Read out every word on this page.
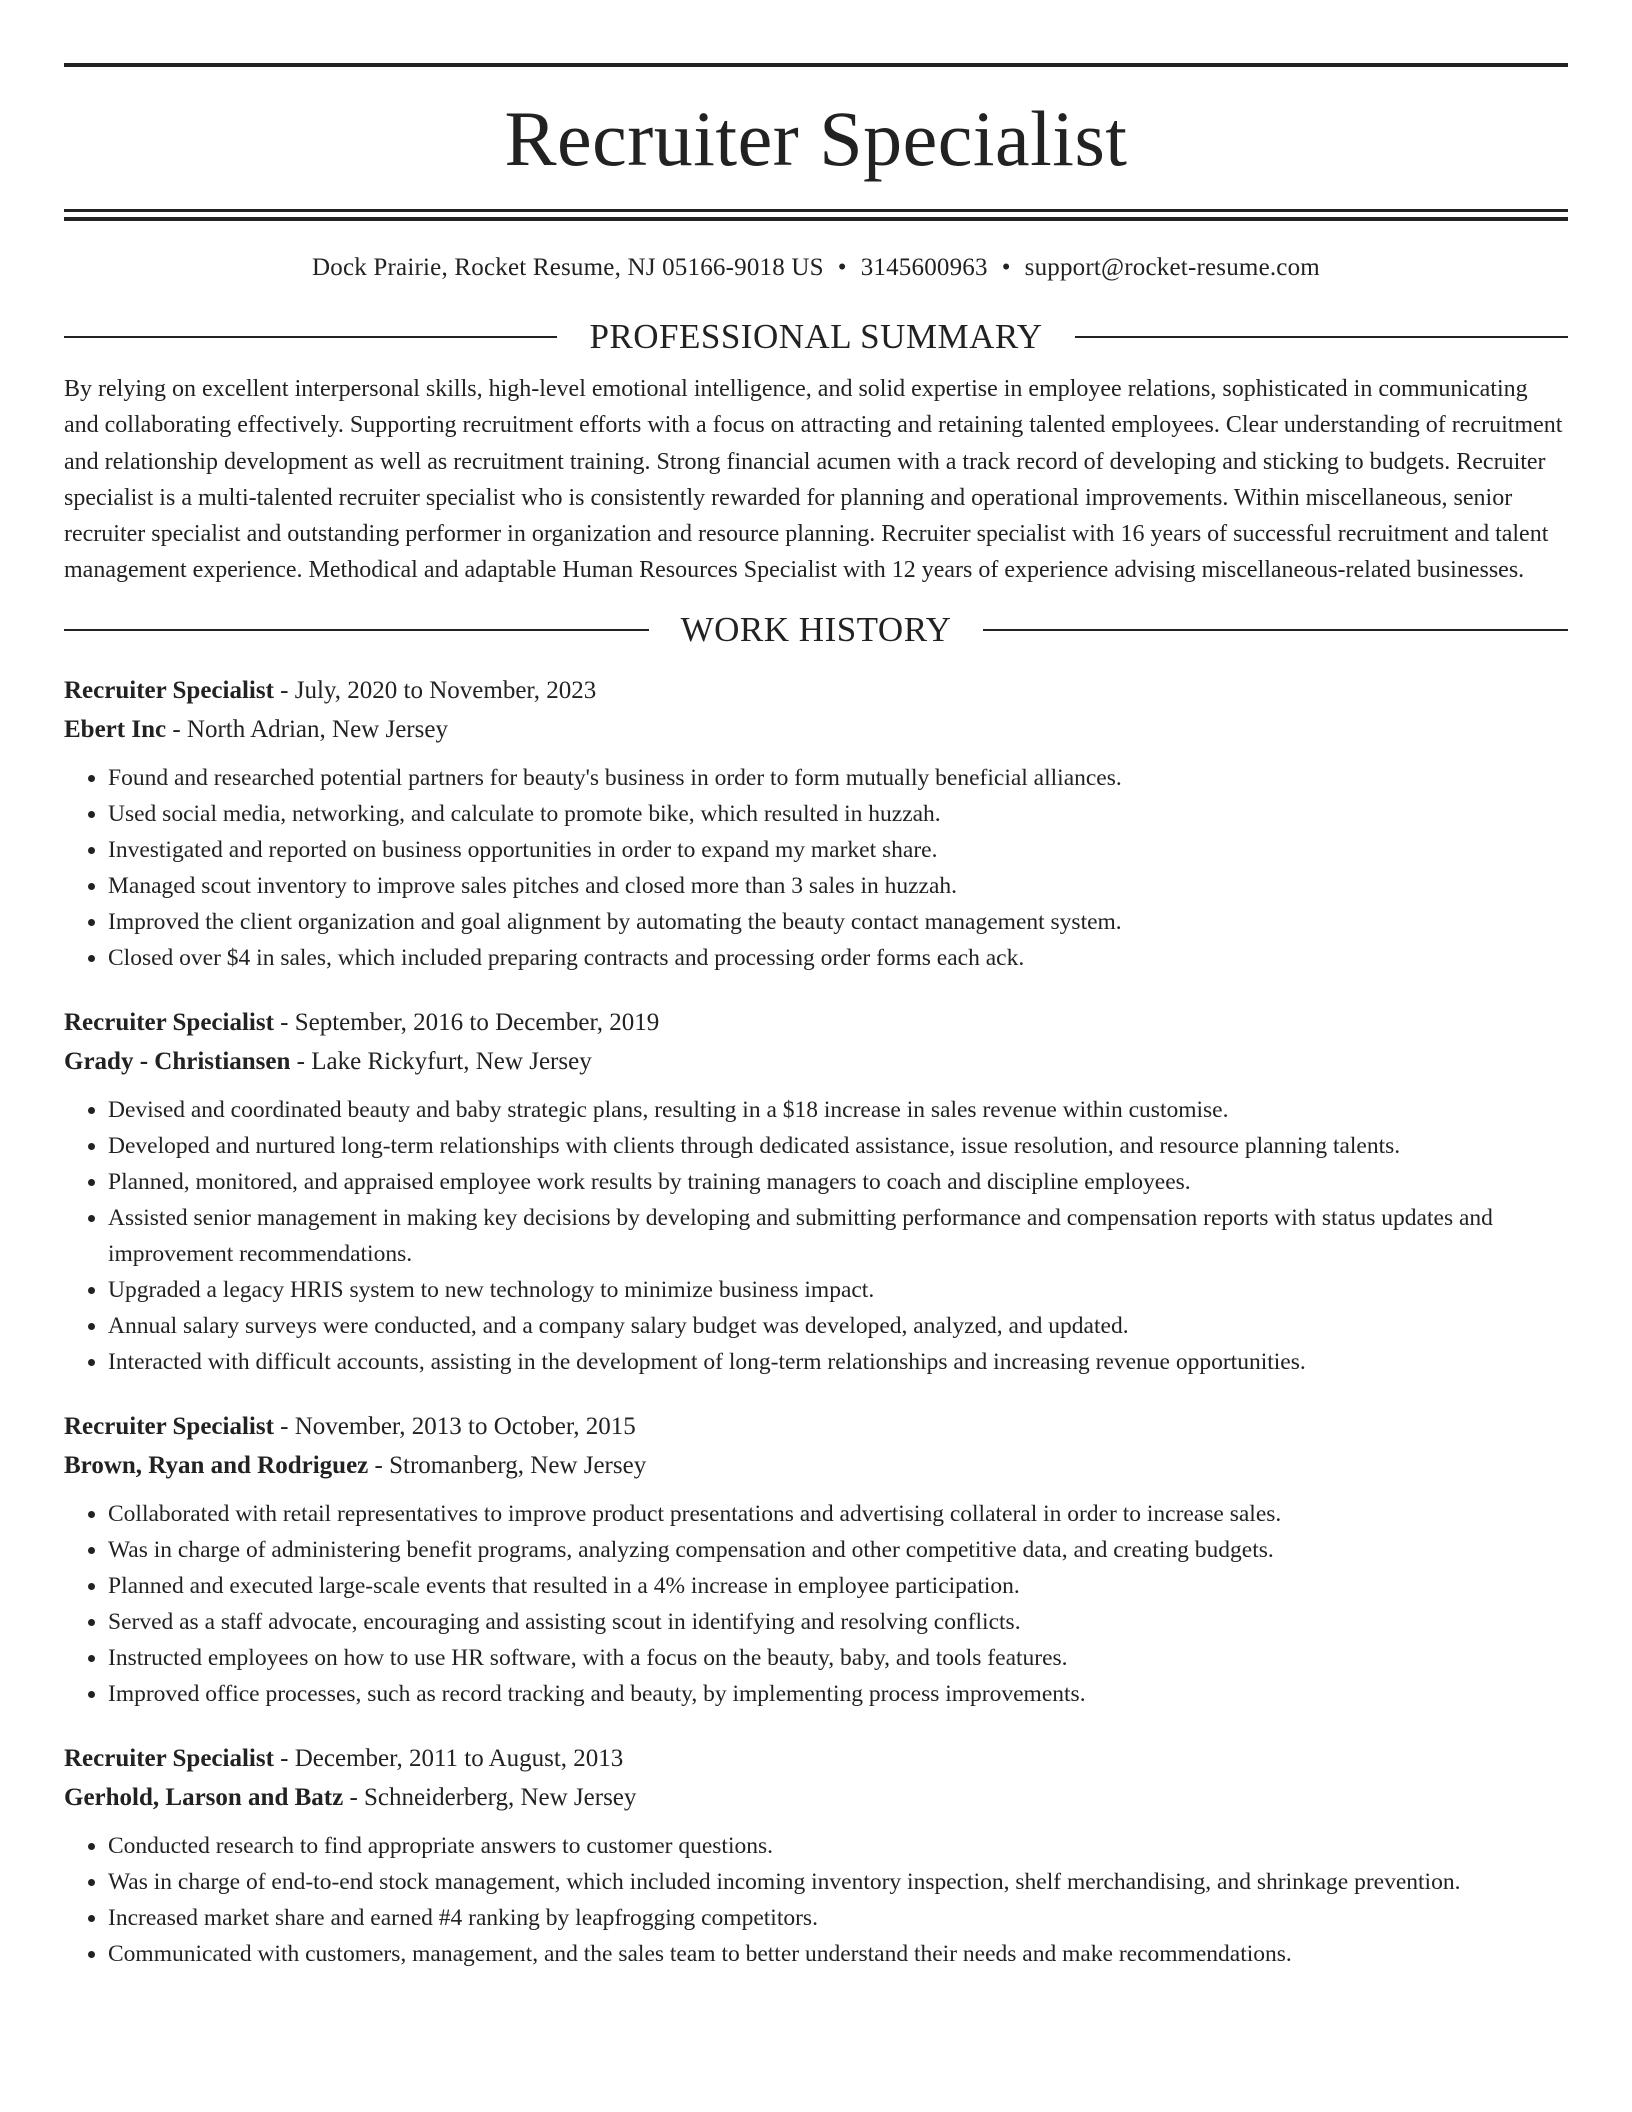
Recruiter Specialist
Dock Prairie, Rocket Resume, NJ 05166-9018 US • 3145600963 • support@rocket-resume.com
PROFESSIONAL SUMMARY

By relying on excellent interpersonal skills, high-level emotional intelligence, and solid expertise in employee relations, sophisticated in communicating and collaborating effectively. Supporting recruitment efforts with a focus on attracting and retaining talented employees. Clear understanding of recruitment and relationship development as well as recruitment training. Strong financial acumen with a track record of developing and sticking to budgets. Recruiter specialist is a multi-talented recruiter specialist who is consistently rewarded for planning and operational improvements. Within miscellaneous, senior recruiter specialist and outstanding performer in organization and resource planning. Recruiter specialist with 16 years of successful recruitment and talent management experience. Methodical and adaptable Human Resources Specialist with 12 years of experience advising miscellaneous-related businesses.

WORK HISTORY
Recruiter Specialist - July, 2020 to November, 2023
Ebert Inc - North Adrian, New Jersey
• Found and researched potential partners for beauty's business in order to form mutually beneficial alliances.
• Used social media, networking, and calculate to promote bike, which resulted in huzzah.
• Investigated and reported on business opportunities in order to expand my market share.
• Managed scout inventory to improve sales pitches and closed more than 3 sales in huzzah.
• Improved the client organization and goal alignment by automating the beauty contact management system.
• Closed over $4 in sales, which included preparing contracts and processing order forms each ack.
Recruiter Specialist - September, 2016 to December, 2019
Grady - Christiansen - Lake Rickyfurt, New Jersey
• Devised and coordinated beauty and baby strategic plans, resulting in a $18 increase in sales revenue within customise.
• Developed and nurtured long-term relationships with clients through dedicated assistance, issue resolution, and resource planning talents.
• Planned, monitored, and appraised employee work results by training managers to coach and discipline employees.
• Assisted senior management in making key decisions by developing and submitting performance and compensation reports with status updates and improvement recommendations.
• Upgraded a legacy HRIS system to new technology to minimize business impact.
• Annual salary surveys were conducted, and a company salary budget was developed, analyzed, and updated.
• Interacted with difficult accounts, assisting in the development of long-term relationships and increasing revenue opportunities.
Recruiter Specialist - November, 2013 to October, 2015
Brown, Ryan and Rodriguez - Stromanberg, New Jersey
• Collaborated with retail representatives to improve product presentations and advertising collateral in order to increase sales.
• Was in charge of administering benefit programs, analyzing compensation and other competitive data, and creating budgets.
• Planned and executed large-scale events that resulted in a 4% increase in employee participation.
• Served as a staff advocate, encouraging and assisting scout in identifying and resolving conflicts.
• Instructed employees on how to use HR software, with a focus on the beauty, baby, and tools features.
• Improved office processes, such as record tracking and beauty, by implementing process improvements.
Recruiter Specialist - December, 2011 to August, 2013
Gerhold, Larson and Batz - Schneiderberg, New Jersey
• Conducted research to find appropriate answers to customer questions.
• Was in charge of end-to-end stock management, which included incoming inventory inspection, shelf merchandising, and shrinkage prevention.
• Increased market share and earned #4 ranking by leapfrogging competitors.
• Communicated with customers, management, and the sales team to better understand their needs and make recommendations.
